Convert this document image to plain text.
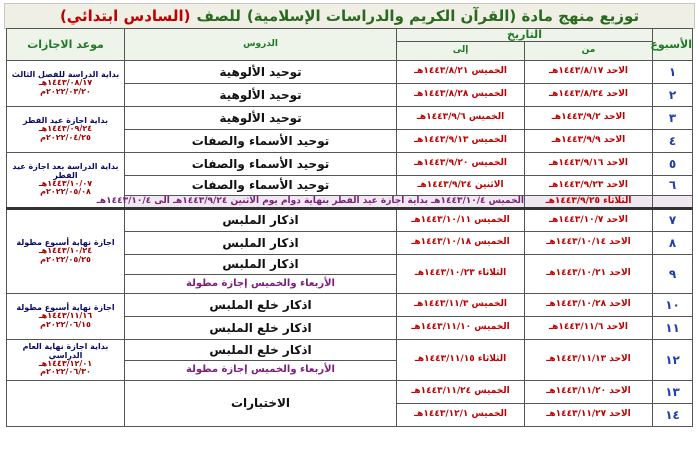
توزيع منهج مادة (القرآن الكريم والدراسات الإسلامية)
للصف
(السادس ابتدائي)
الأسبوع	التاريخ		الدروس	موعد الاجازات
	من	إلى		
١	الاحد ١٤٤٣/٨/١٧هـ	الخميس ١٤٤٣/٨/٢١هـ	توحيد الألوهية	بداية الدراسة للفصل الثالث
١٤٤٣/٠٨/١٧هـ
٢٠٢٢/٠٣/٢٠م

٢	الاحد ١٤٤٣/٨/٢٤هـ	الخميس ١٤٤٣/٨/٢٨هـ	توحيد الألوهية	
٣	الاحد ١٤٤٣/٩/٢هـ	الخميس ١٤٤٣/٩/٦هـ	توحيد الألوهية	بداية اجازة عيد الفطر
١٤٤٣/٠٩/٢٤هـ
٢٠٢٢/٠٤/٢٥م

٤	الاحد ١٤٤٣/٩/٩هـ	الخميس ١٤٤٣/٩/١٣هـ	توحيد الأسماء والصفات	
٥	الاحد ١٤٤٣/٩/١٦هـ	الخميس ١٤٤٣/٩/٢٠هـ	توحيد الأسماء والصفات	بداية الدراسة بعد اجازة عيد الفطر
١٤٤٣/١٠/٠٧هـ
٢٠٢٢/٠٥/٠٨م

٦	الاحد ١٤٤٣/٩/٢٣هـ	الاثنين ١٤٤٣/٩/٢٤هـ	توحيد الأسماء والصفات	
	الثلاثاء ١٤٤٣/٩/٢٥هـ	الخميس ١٤٤٣/١٠/٤هـ بداية اجازة عيد الفطر بنهاية دوام يوم الاثنين ١٤٤٣/٩/٢٤هـ الى ١٤٤٣/١٠/٤هـ		
٧	الاحد ١٤٤٣/١٠/٧هـ	الخميس ١٤٤٣/١٠/١١هـ	اذكار الملبس	اجازة نهاية أسبوع مطولة
١٤٤٣/١٠/٢٤هـ
٢٠٢٢/٠٥/٢٥م

٨	الاحد ١٤٤٣/١٠/١٤هـ	الخميس ١٤٤٣/١٠/١٨هـ	اذكار الملبس	
٩	الاحد ١٤٤٣/١٠/٢١هـ	الثلاثاء ١٤٤٣/١٠/٢٣هـ	اذكار الملبس	
			الأربعاء والخميس إجازة مطولة	
١٠	الاحد ١٤٤٣/١٠/٢٨هـ	الخميس ١٤٤٣/١١/٣هـ	اذكار خلع الملبس	اجازة نهاية أسبوع مطولة
١٤٤٣/١١/١٦هـ
٢٠٢٢/٠٦/١٥م

١١	الاحد ١٤٤٣/١١/٦هـ	الخميس ١٤٤٣/١١/١٠هـ	اذكار خلع الملبس	
١٢	الاحد ١٤٤٣/١١/١٣هـ	الثلاثاء ١٤٤٣/١١/١٥هـ	اذكار خلع الملبس	بداية اجازة نهاية العام الدراسي
١٤٤٣/١٢/٠١هـ
٢٠٢٢/٠٦/٣٠م

			الأربعاء والخميس إجازة مطولة	
١٣	الاحد ١٤٤٣/١١/٢٠هـ	الخميس ١٤٤٣/١١/٢٤هـ	الاختبارات	
١٤	الاحد ١٤٤٣/١١/٢٧هـ	الخميس ١٤٤٣/١٢/١هـ		
